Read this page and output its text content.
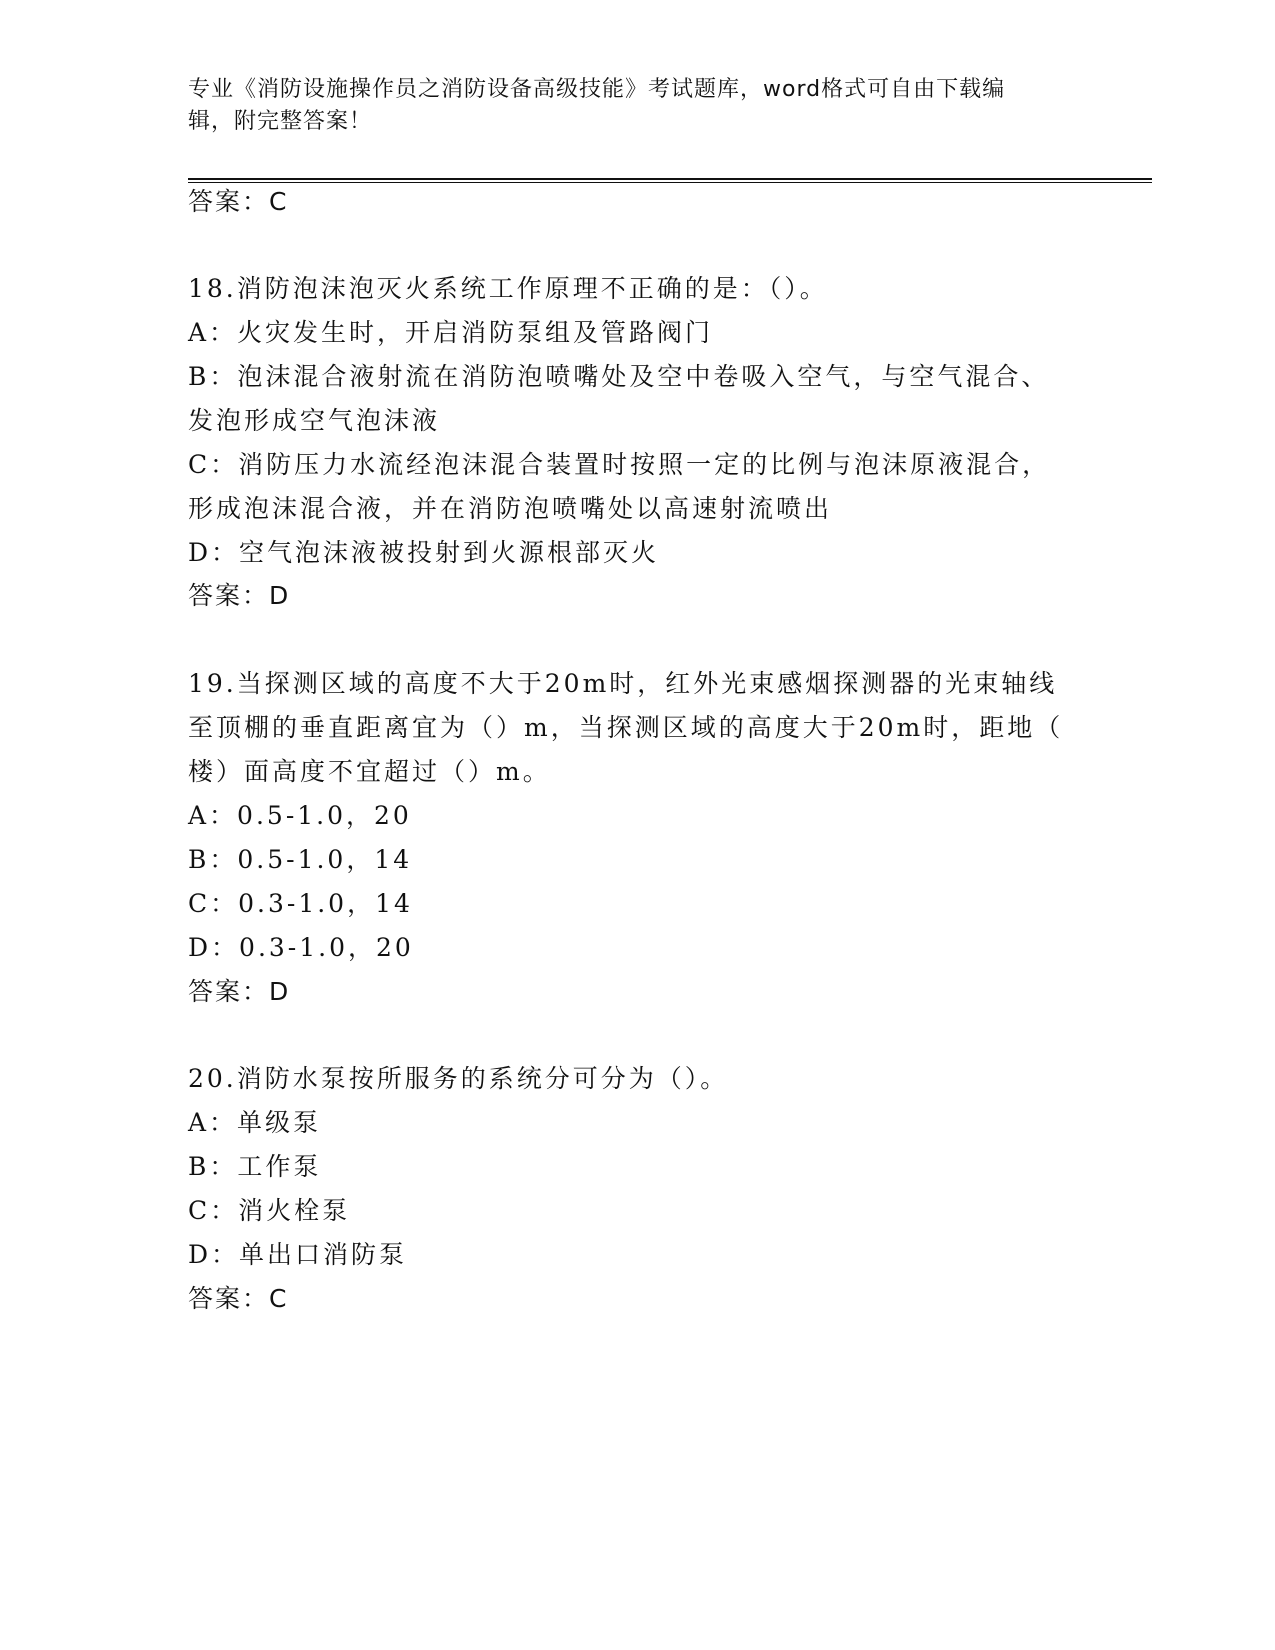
专业《消防设施操作员之消防设备高级技能》考试题库，word格式可自由下载编
辑，附完整答案！
答案：C
18.消防泡沫泡灭火系统工作原理不正确的是：（）。
A：火灾发生时，开启消防泵组及管路阀门
B：泡沫混合液射流在消防泡喷嘴处及空中卷吸入空气，与空气混合、
发泡形成空气泡沫液
C：消防压力水流经泡沫混合装置时按照一定的比例与泡沫原液混合，
形成泡沫混合液，并在消防泡喷嘴处以高速射流喷出
D：空气泡沫液被投射到火源根部灭火
答案：D
19.当探测区域的高度不大于20m时，红外光束感烟探测器的光束轴线
至顶棚的垂直距离宜为（）m，当探测区域的高度大于20m时，距地（
楼）面高度不宜超过（）m。
A：0.5-1.0，20
B：0.5-1.0，14
C：0.3-1.0，14
D：0.3-1.0，20
答案：D
20.消防水泵按所服务的系统分可分为（）。
A：单级泵
B：工作泵
C：消火栓泵
D：单出口消防泵
答案：C
